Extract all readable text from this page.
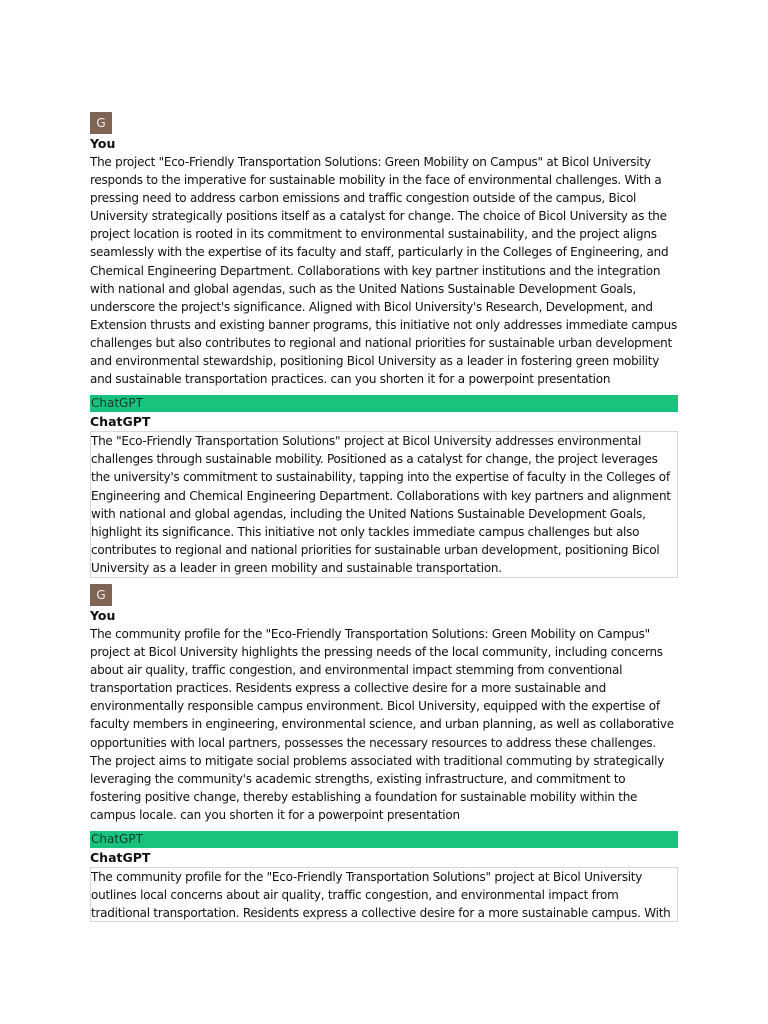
G
You

The project "Eco-Friendly Transportation Solutions: Green Mobility on Campus" at Bicol University responds to the imperative for sustainable mobility in the face of environmental challenges. With a pressing need to address carbon emissions and traffic congestion outside of the campus, Bicol University strategically positions itself as a catalyst for change. The choice of Bicol University as the project location is rooted in its commitment to environmental sustainability, and the project aligns seamlessly with the expertise of its faculty and staff, particularly in the Colleges of Engineering, and Chemical Engineering Department. Collaborations with key partner institutions and the integration with national and global agendas, such as the United Nations Sustainable Development Goals, underscore the project's significance. Aligned with Bicol University's Research, Development, and Extension thrusts and existing banner programs, this initiative not only addresses immediate campus challenges but also contributes to regional and national priorities for sustainable urban development and environmental stewardship, positioning Bicol University as a leader in fostering green mobility and sustainable transportation practices. can you shorten it for a powerpoint presentation

ChatGPT
ChatGPT
The "Eco-Friendly Transportation Solutions" project at Bicol University addresses environmental challenges through sustainable mobility. Positioned as a catalyst for change, the project leverages the university's commitment to sustainability, tapping into the expertise of faculty in the Colleges of Engineering and Chemical Engineering Department. Collaborations with key partners and alignment with national and global agendas, including the United Nations Sustainable Development Goals, highlight its significance. This initiative not only tackles immediate campus challenges but also contributes to regional and national priorities for sustainable urban development, positioning Bicol University as a leader in green mobility and sustainable transportation.
G
You

The community profile for the "Eco-Friendly Transportation Solutions: Green Mobility on Campus" project at Bicol University highlights the pressing needs of the local community, including concerns about air quality, traffic congestion, and environmental impact stemming from conventional transportation practices. Residents express a collective desire for a more sustainable and environmentally responsible campus environment. Bicol University, equipped with the expertise of faculty members in engineering, environmental science, and urban planning, as well as collaborative opportunities with local partners, possesses the necessary resources to address these challenges. The project aims to mitigate social problems associated with traditional commuting by strategically leveraging the community's academic strengths, existing infrastructure, and commitment to fostering positive change, thereby establishing a foundation for sustainable mobility within the campus locale. can you shorten it for a powerpoint presentation

ChatGPT
ChatGPT
The community profile for the "Eco-Friendly Transportation Solutions" project at Bicol University outlines local concerns about air quality, traffic congestion, and environmental impact from traditional transportation. Residents express a collective desire for a more sustainable campus. With
